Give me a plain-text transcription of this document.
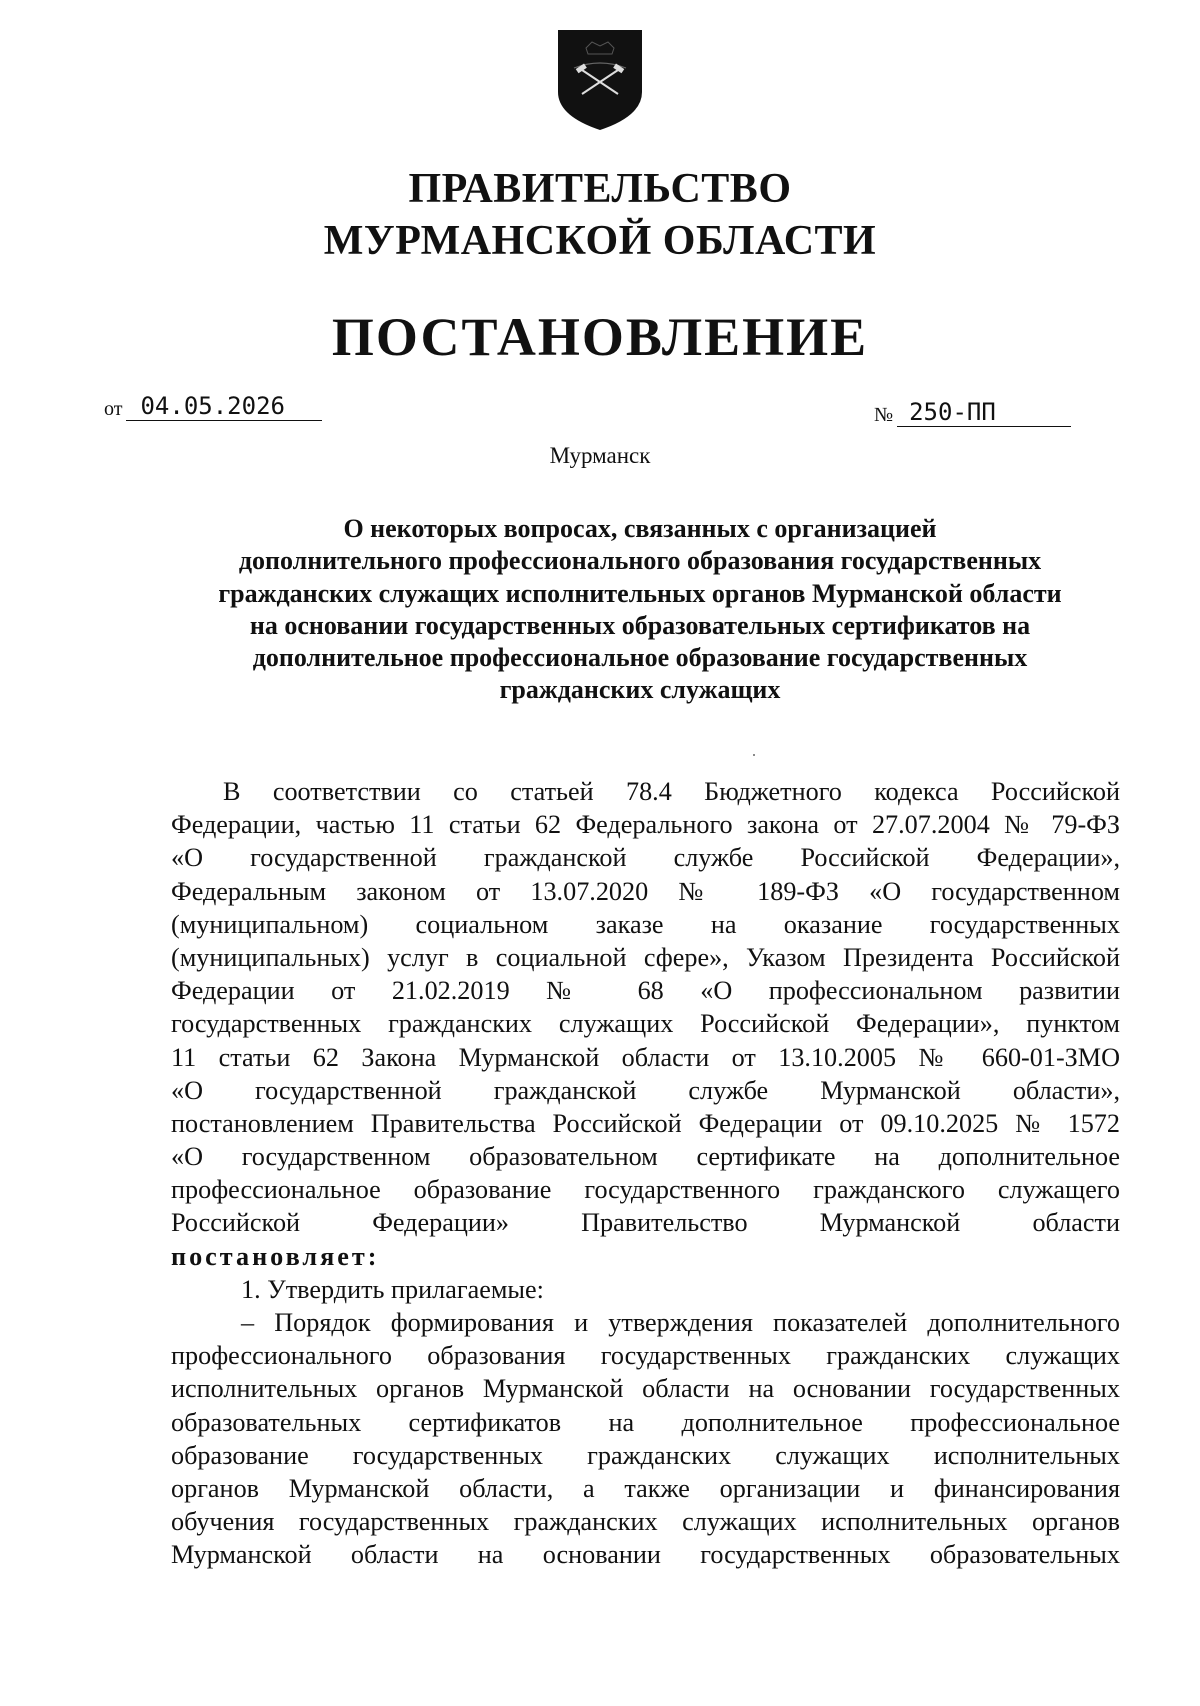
ПРАВИТЕЛЬСТВО
МУРМАНСКОЙ ОБЛАСТИ
ПОСТАНОВЛЕНИЕ
от 04.05.2026	№ 250-ПП
Мурманск
О некоторых вопросах, связанных с организацией
дополнительного профессионального образования государственных
гражданских служащих исполнительных органов Мурманской области
на основании государственных образовательных сертификатов на
дополнительное профессиональное образование государственных
гражданских служащих
В соответствии со статьей 78.4 Бюджетного кодекса Российской
Федерации, частью 11 статьи 62 Федерального закона от 27.07.2004 № 79-ФЗ
«О государственной гражданской службе Российской Федерации»,
Федеральным законом от 13.07.2020 № 189-ФЗ «О государственном
(муниципальном) социальном заказе на оказание государственных
(муниципальных) услуг в социальной сфере», Указом Президента Российской
Федерации от 21.02.2019 № 68 «О профессиональном развитии
государственных гражданских служащих Российской Федерации», пунктом
11 статьи 62 Закона Мурманской области от 13.10.2005 № 660-01-ЗМО
«О государственной гражданской службе Мурманской области»,
постановлением Правительства Российской Федерации от 09.10.2025 № 1572
«О государственном образовательном сертификате на дополнительное
профессиональное образование государственного гражданского служащего
Российской Федерации» Правительство Мурманской области
постановляет:
1. Утвердить прилагаемые:
– Порядок формирования и утверждения показателей дополнительного
профессионального образования государственных гражданских служащих
исполнительных органов Мурманской области на основании государственных
образовательных сертификатов на дополнительное профессиональное
образование государственных гражданских служащих исполнительных
органов Мурманской области, а также организации и финансирования
обучения государственных гражданских служащих исполнительных органов
Мурманской области на основании государственных образовательных
